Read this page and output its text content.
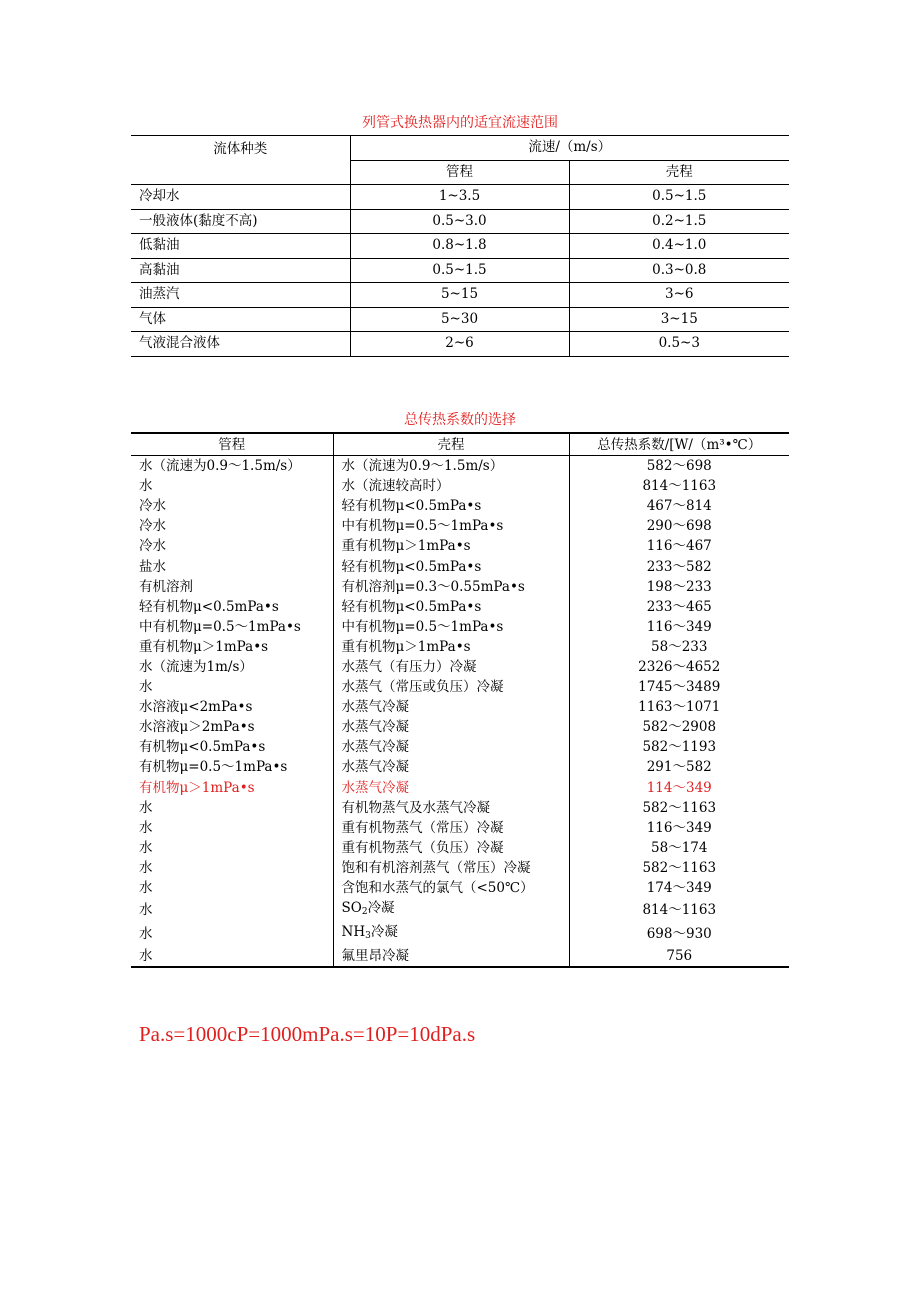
列管式换热器内的适宜流速范围
流体种类	流速/（m/s）	
	管程	壳程
冷却水	1~3.5	0.5~1.5
一般液体(黏度不高)	0.5~3.0	0.2~1.5
低黏油	0.8~1.8	0.4~1.0
高黏油	0.5~1.5	0.3~0.8
油蒸汽	5~15	3~6
气体	5~30	3~15
气液混合液体	2~6	0.5~3
总传热系数的选择
管程	壳程	总传热系数/[W/（m³•℃）
水（流速为0.9～1.5m/s）	水（流速为0.9～1.5m/s）	582～698
水	水（流速较高时）	814～1163
冷水	轻有机物μ<0.5mPa•s	467～814
冷水	中有机物μ=0.5～1mPa•s	290～698
冷水	重有机物μ＞1mPa•s	116～467
盐水	轻有机物μ<0.5mPa•s	233～582
有机溶剂	有机溶剂μ=0.3～0.55mPa•s	198～233
轻有机物μ<0.5mPa•s	轻有机物μ<0.5mPa•s	233～465
中有机物μ=0.5～1mPa•s	中有机物μ=0.5～1mPa•s	116～349
重有机物μ＞1mPa•s	重有机物μ＞1mPa•s	58～233
水（流速为1m/s）	水蒸气（有压力）冷凝	2326～4652
水	水蒸气（常压或负压）冷凝	1745～3489
水溶液μ<2mPa•s	水蒸气冷凝	1163～1071
水溶液μ＞2mPa•s	水蒸气冷凝	582～2908
有机物μ<0.5mPa•s	水蒸气冷凝	582～1193
有机物μ=0.5～1mPa•s	水蒸气冷凝	291～582
有机物μ＞1mPa•s	水蒸气冷凝	114～349
水	有机物蒸气及水蒸气冷凝	582～1163
水	重有机物蒸气（常压）冷凝	116～349
水	重有机物蒸气（负压）冷凝	58～174
水	饱和有机溶剂蒸气（常压）冷凝	582～1163
水	含饱和水蒸气的氯气（<50℃）	174～349
水	$SO_2$冷凝	814～1163
水	$NH_3$冷凝	698～930
水	氟里昂冷凝	756
Pa.s=1000cP=1000mPa.s=10P=10dPa.s
